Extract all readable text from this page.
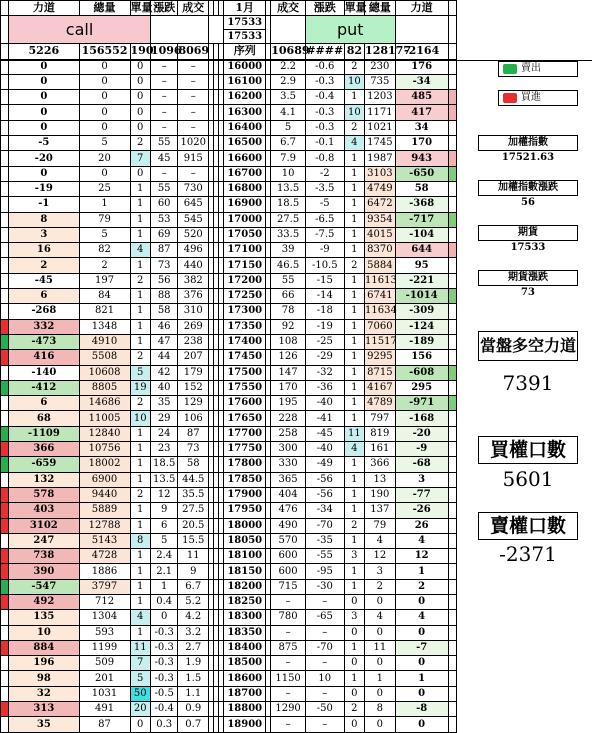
	力道	總量	單量	漲跌	成交				1月		成交	漲跌	單量	總量	力道	
	call								17533
17533			put				
	5226	156552	190	1096	8069				序列		10689	####	82	128177	-2164	
	0	0	0	–	–				16000		2.2	-0.6	2	230	176	
	0	0	0	–	–				16100		2.9	-0.3	10	735	-34	
	0	0	0	–	–				16200		3.5	-0.4	1	1203	485	
	0	0	0	–	–				16300		4.1	-0.3	10	1171	417	
	0	0	0	–	–				16400		5	-0.3	2	1021	34	
	-5	5	2	55	1020				16500		6.7	-0.1	4	1745	170	
	-20	20	7	45	915				16600		7.9	-0.8	1	1987	943	
	0	0	0	–	–				16700		10	-2	1	3103	-650	
	-19	25	1	55	730				16800		13.5	-3.5	1	4749	58	
	-1	1	1	60	645				16900		18.5	-5	1	6472	-368	
	8	79	1	53	545				17000		27.5	-6.5	1	9354	-717	
	3	5	1	69	520				17050		33.5	-7.5	1	4015	-104	
	16	82	4	87	496				17100		39	-9	1	8370	644	
	2	2	1	73	440				17150		46.5	-10.5	2	5884	95	
	-45	197	2	56	382				17200		55	-15	1	11613	-221	
	6	84	1	88	376				17250		66	-14	1	6741	-1014	
	-268	821	1	58	310				17300		78	-18	1	11634	-309	
	332	1348	1	46	269				17350		92	-19	1	7060	-124	
	-473	4910	1	47	238				17400		108	-25	1	11517	-189	
	416	5508	2	44	207				17450		126	-29	1	9295	156	
	-140	10608	5	42	179				17500		147	-32	1	8715	-608	
	-412	8805	19	40	152				17550		170	-36	1	4167	295	
	6	14686	2	35	129				17600		195	-40	1	4789	-971	
	68	11005	10	29	106				17650		228	-41	1	797	-168	
	-1109	12840	1	24	87				17700		258	-45	11	819	-20	
	366	10756	1	23	73				17750		300	-40	4	161	-9	
	-659	18002	1	18.5	58				17800		330	-49	1	366	-68	
	132	6900	1	13.5	44.5				17850		365	-56	1	13	3	
	578	9440	2	12	35.5				17900		404	-56	1	190	-77	
	403	5889	1	9	27.5				17950		476	-34	1	137	-26	
	3102	12788	1	6	20.5				18000		490	-70	2	79	26	
	247	5143	8	5	15.5				18050		570	-35	1	4	4	
	738	4728	1	2.4	11				18100		600	-55	3	12	12	
	390	1886	1	2.1	9				18150		600	-95	1	3	1	
	-547	3797	1	1	6.7				18200		715	-30	1	2	2	
	492	712	1	0.4	5.2				18250		–	–	0	0	0	
	135	1304	4	0	4.2				18300		780	-65	3	4	4	
	10	593	1	-0.3	3.2				18350		–	–	0	0	0	
	884	1199	11	-0.3	2.7				18400		875	-70	1	11	-7	
	196	509	7	-0.3	1.9				18500		–	–	0	0	0	
	98	201	5	-0.3	1.5				18600		1150	10	1	1	1	
	32	1031	50	-0.5	1.1				18700		–	–	0	0	0	
	313	491	20	-0.4	0.9				18800		1290	-50	2	8	-8	
	35	87	0	0.3	0.7				18900		–	–	0	0	0	
賣出
買進
加權指數
17521.63
加權指數漲跌
56
期貨
17533
期貨漲跌
73
當盤多空力道
7391
買權口數
5601
賣權口數
-2371
